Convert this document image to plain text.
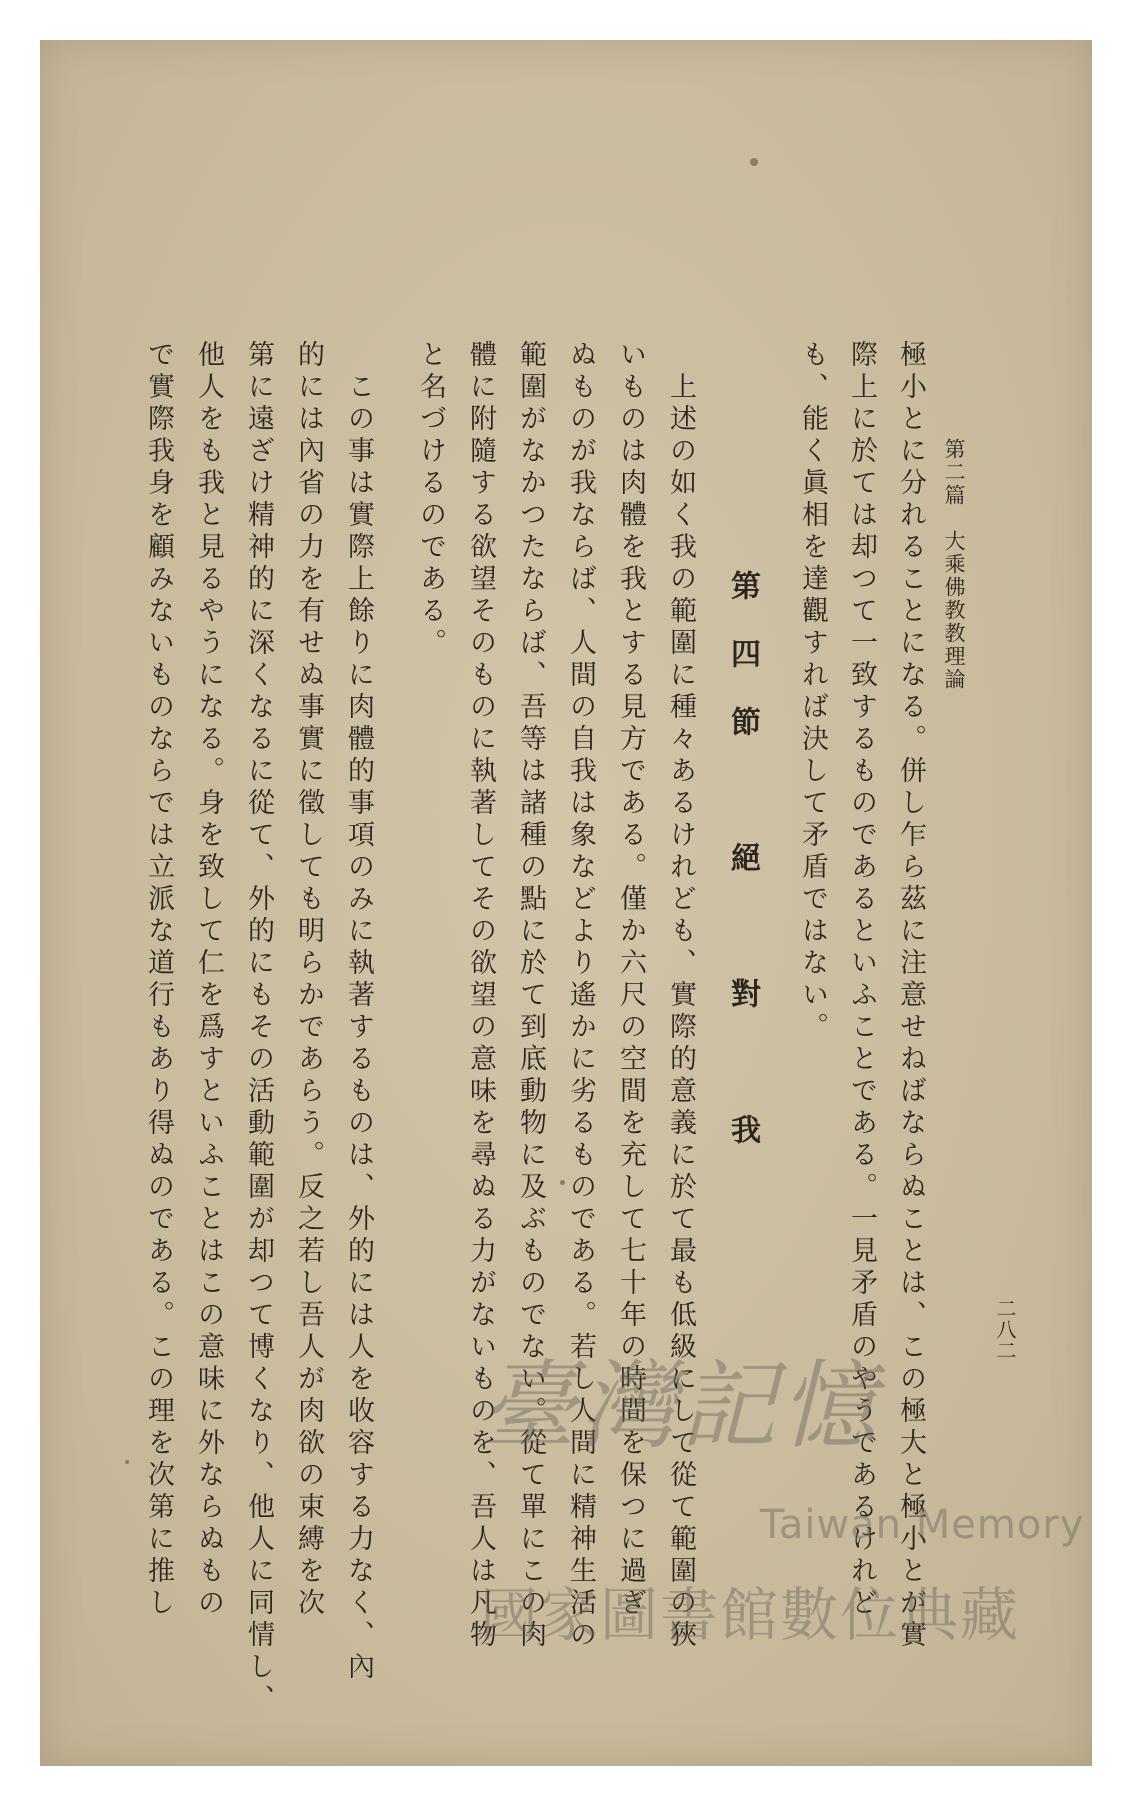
二八二
第二篇　大乘佛教教理論
極小とに分れることになる。併し乍ら茲に注意せねばならぬことは、この極大と極小とが實
際上に於ては却つて一致するものであるといふことである。一見矛盾のやうであるけれど
も、能く眞相を達觀すれば決して矛盾ではない。
第四節　絕　對　我
　上述の如く我の範圍に種々あるけれども、實際的意義に於て最も低級にして從て範圍の狹
いものは肉體を我とする見方である。僅か六尺の空間を充して七十年の時間を保つに過ぎ
ぬものが我ならば、人間の自我は象などより遙かに劣るものである。若し人間に精神生活の
範圍がなかつたならば、吾等は諸種の點に於て到底動物に及ぶものでない。從て單にこの肉
體に附隨する欲望そのものに執著してその欲望の意味を尋ぬる力がないものを、吾人は凡物
と名づけるのである。
　この事は實際上餘りに肉體的事項のみに執著するものは、外的には人を收容する力なく、內
的には內省の力を有せぬ事實に徵しても明らかであらう。反之若し吾人が肉欲の束縛を次
第に遠ざけ精神的に深くなるに從て、外的にもその活動範圍が却つて博くなり、他人に同情し、
他人をも我と見るやうになる。身を致して仁を爲すといふことはこの意味に外ならぬもの
で實際我身を顧みないものならでは立派な道行もあり得ぬのである。この理を次第に推し	臺灣記憶
Taiwan Memory
國家圖書館數位典藏
